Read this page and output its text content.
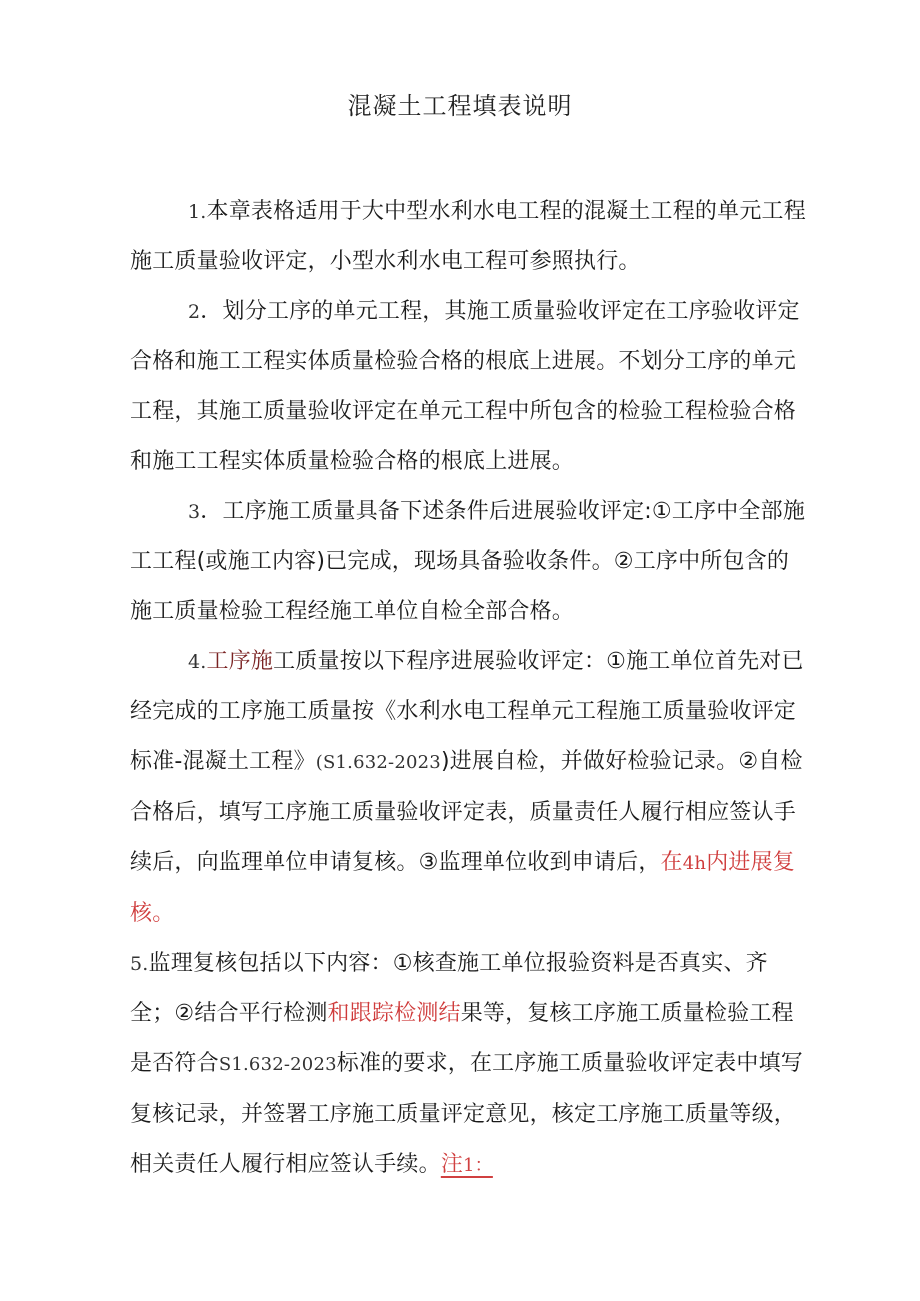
混凝土工程填表说明

1.本章表格适用于大中型水利水电工程的混凝土工程的单元工程施工质量验收评定，小型水利水电工程可参照执行。

2．划分工序的单元工程，其施工质量验收评定在工序验收评定合格和施工工程实体质量检验合格的根底上进展。不划分工序的单元工程，其施工质量验收评定在单元工程中所包含的检验工程检验合格和施工工程实体质量检验合格的根底上进展。

3．工序施工质量具备下述条件后进展验收评定:①工序中全部施工工程(或施工内容)已完成，现场具备验收条件。②工序中所包含的施工质量检验工程经施工单位自检全部合格。

4.工序施工质量按以下程序进展验收评定：①施工单位首先对已经完成的工序施工质量按《水利水电工程单元工程施工质量验收评定标准-混凝土工程》(S1.632-2023)进展自检，并做好检验记录。②自检合格后，填写工序施工质量验收评定表，质量责任人履行相应签认手续后，向监理单位申请复核。③监理单位收到申请后，在4h内进展复核。

5.监理复核包括以下内容：①核查施工单位报验资料是否真实、齐全；②结合平行检测和跟踪检测结果等，复核工序施工质量检验工程是否符合S1.632-2023标准的要求，在工序施工质量验收评定表中填写复核记录，并签署工序施工质量评定意见，核定工序施工质量等级，相关责任人履行相应签认手续。注1：
